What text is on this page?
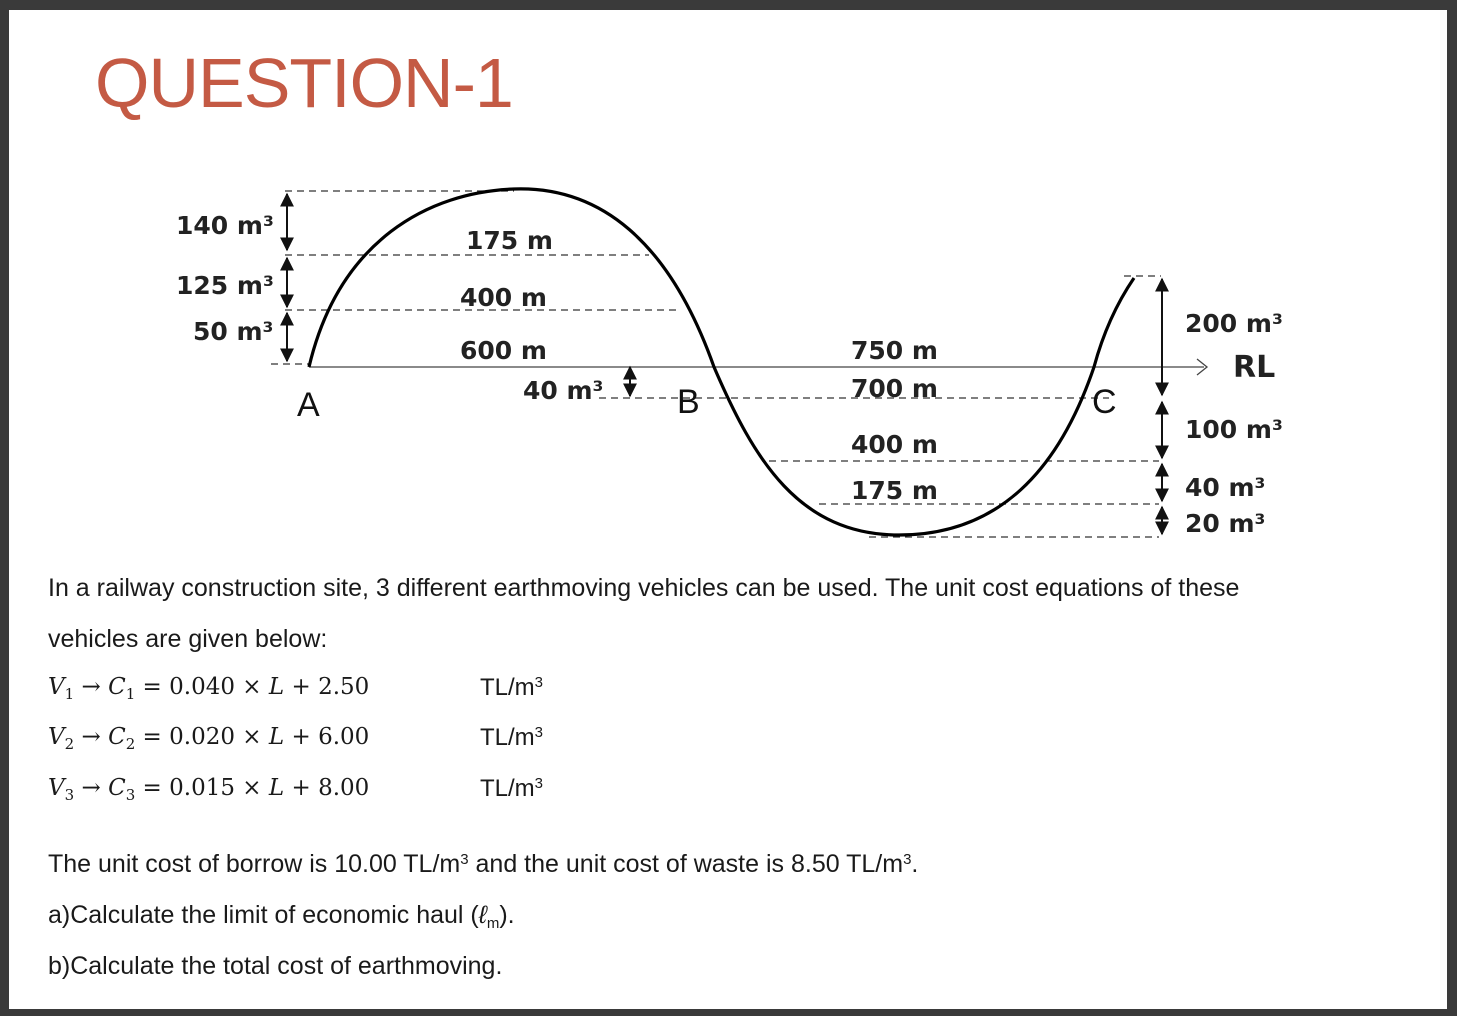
QUESTION-1
140 m³
125 m³
50 m³
175 m
400 m
600 m
40 m³
A	B	C
750 m
700 m
400 m
175 m
200 m³
RL
100 m³
40 m³
20 m³
In a railway construction site, 3 different earthmoving vehicles can be used. The unit cost equations of these
vehicles are given below:
$V_1 \to C_1 = 0.040 \times L + 2.50$	$TL/m^3$
$V_2 \to C_2 = 0.020 \times L + 6.00$	$TL/m^3$
$V_3 \to C_3 = 0.015 \times L + 8.00$	$TL/m^3$
The unit cost of borrow is 10.00 $TL/m^3$ and the unit cost of waste is 8.50 $TL/m^3$.
a)Calculate the limit of economic haul (ℓ$_m$).
b)Calculate the total cost of earthmoving.
